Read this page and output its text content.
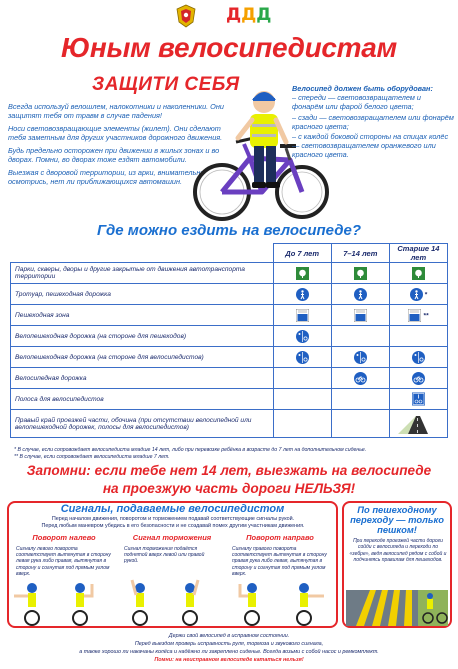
ДДД
Юным велосипедистам
ЗАЩИТИ СЕБЯ

Всегда используй велошлем, налокотники и наколенники. Они защитят тебя от травм в случае падения!

Носи световозвращающие элементы (жилет). Они сделают тебя заметным для других участников дорожного движения.

Будь предельно осторожен при движении в жилых зонах и во дворах. Помни, во дворах тоже ездят автомобили.

Выезжая с дворовой территории, из арки, внимательно осмотрись, нет ли приближающихся автомашин.

Велосипед должен быть оборудован:
– спереди — световозвращателем и фонарём или фарой белого цвета;
– сзади — световозвращателем или фонарём красного цвета;
– с каждой боковой стороны на спицах колёс — световозвращателем оранжевого или красного цвета.
Где можно ездить на велосипеде?
	До 7 лет	7–14 лет	Старше 14 лет
Парки, скверы, дворы и другие закрытые от движения автотранспорта территории			
Тротуар, пешеходная дорожка			*
Пешеходная зона			**
Велопешеходная дорожка (на стороне для пешеходов)			
Велопешеходная дорожка (на стороне для велосипедистов)			
Велосипедная дорожка			
Полоса для велосипедистов			
Правый край проезжей части, обочина (при отсутствии велосипедной или велопешеходной дорожек, полосы для велосипедистов)			
* В случае, если сопровождает велосипедиста младше 14 лет, либо при перевозке ребёнка в возрасте до 7 лет на дополнительном сиденье.
** В случае, если сопровождает велосипедиста младше 7 лет.
Запомни: если тебе нет 14 лет, выезжать на велосипеде
на проезжую часть дороги НЕЛЬЗЯ!
Сигналы, подаваемые велосипедистом
Перед началом движения, поворотом и торможением подавай соответствующие сигналы рукой.
Перед любым маневром убедись в его безопасности и не создавай помех другим участникам движения.
Поворот налево	Сигнал торможения	Поворот направо
Сигналу левого поворота соответствует вытянутая в сторону левая рука либо правая, вытянутая в сторону и согнутая под прямым углом вверх.
Сигнал торможения подаётся поднятой вверх левой или правой рукой.
Сигналу правого поворота соответствует вытянутая в сторону правая рука либо левая, вытянутая в сторону и согнутая под прямым углом вверх.
По пешеходному переходу — только пешком!
При переходе проезжей части дороги сойди с велосипеда и переходи по «зебре», ведя велосипед рядом с собой и подчиняясь правилам для пешеходов.
Держи свой велосипед в исправном состоянии.
Перед выездом проверь исправность руля, тормоза и звукового сигнала,
а также хорошо ли накачаны колёса и надёжно ли закреплено сиденье. Всегда возьми с собой насос и ремкомплект.
Помни: на неисправном велосипеде кататься нельзя!
